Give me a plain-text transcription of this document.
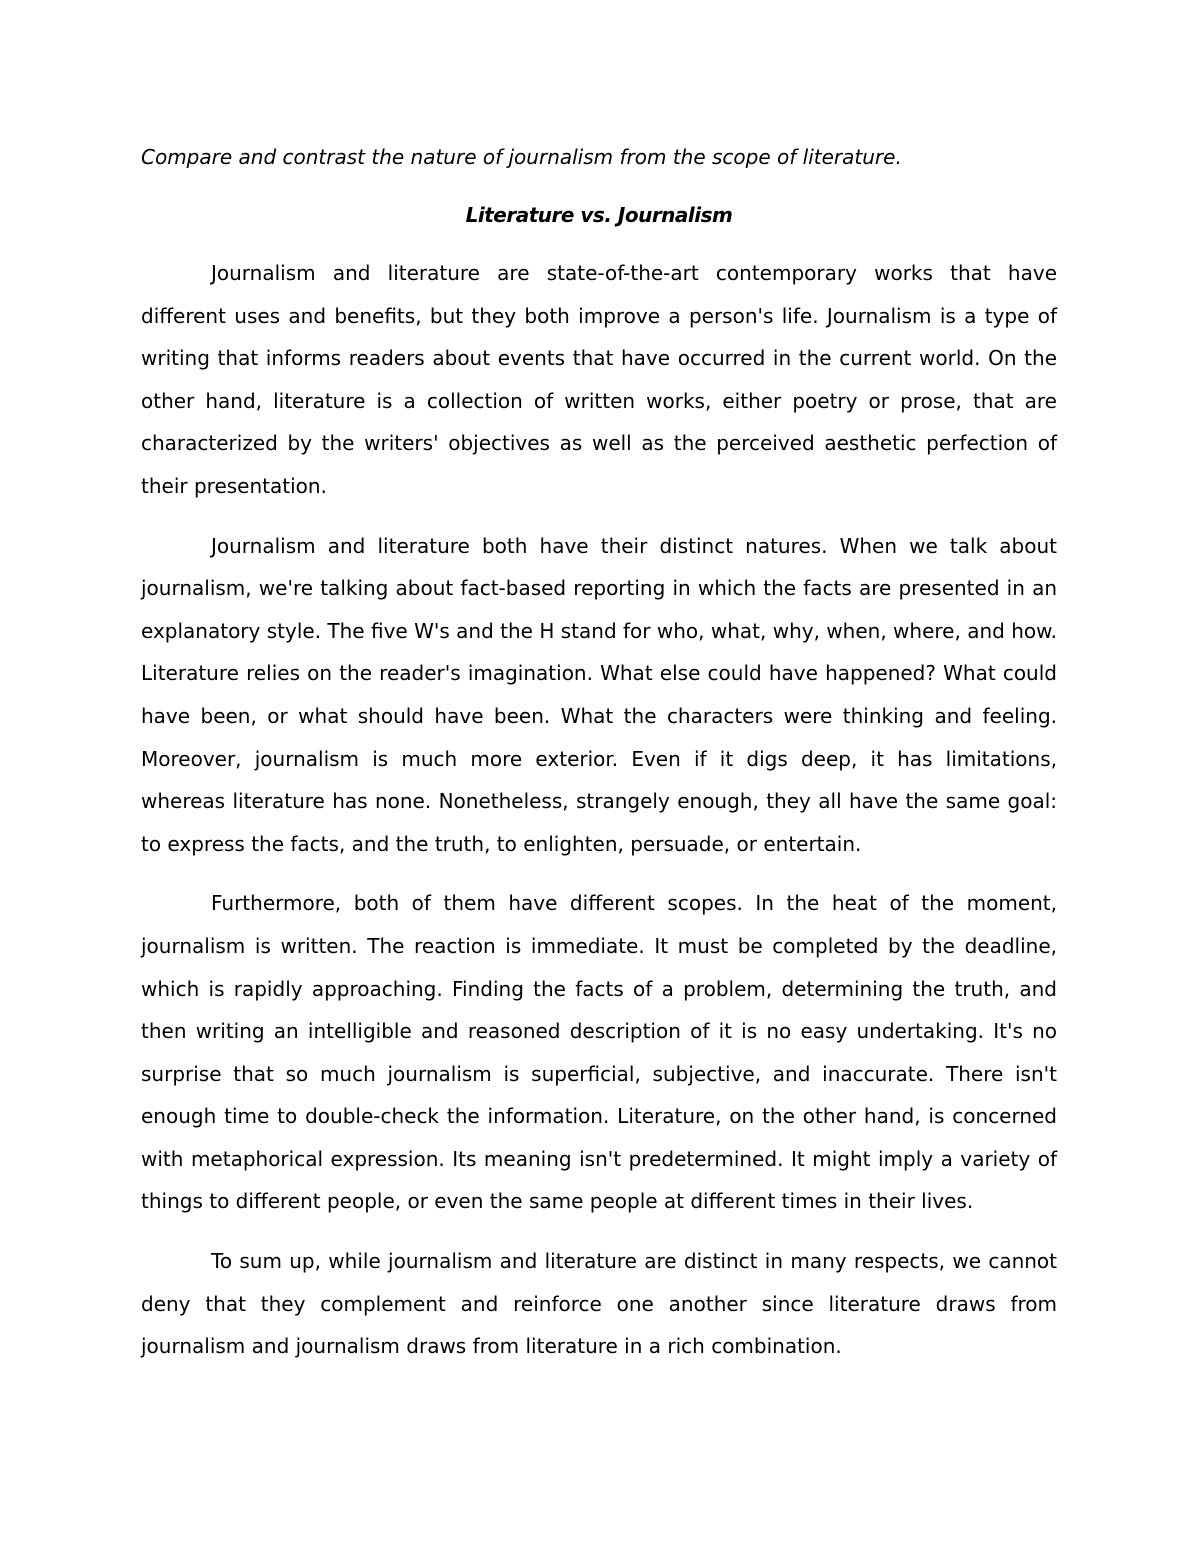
Compare and contrast the nature of journalism from the scope of literature.

Literature vs. Journalism

Journalism and literature are state-of-the-art contemporary works that have different uses and benefits, but they both improve a person's life. Journalism is a type of writing that informs readers about events that have occurred in the current world. On the other hand, literature is a collection of written works, either poetry or prose, that are characterized by the writers' objectives as well as the perceived aesthetic perfection of their presentation.

Journalism and literature both have their distinct natures. When we talk about journalism, we're talking about fact-based reporting in which the facts are presented in an explanatory style. The five W's and the H stand for who, what, why, when, where, and how. Literature relies on the reader's imagination. What else could have happened? What could have been, or what should have been. What the characters were thinking and feeling. Moreover, journalism is much more exterior. Even if it digs deep, it has limitations, whereas literature has none. Nonetheless, strangely enough, they all have the same goal: to express the facts, and the truth, to enlighten, persuade, or entertain.

Furthermore, both of them have different scopes. In the heat of the moment, journalism is written. The reaction is immediate. It must be completed by the deadline, which is rapidly approaching. Finding the facts of a problem, determining the truth, and then writing an intelligible and reasoned description of it is no easy undertaking. It's no surprise that so much journalism is superficial, subjective, and inaccurate. There isn't enough time to double-check the information. Literature, on the other hand, is concerned with metaphorical expression. Its meaning isn't predetermined. It might imply a variety of things to different people, or even the same people at different times in their lives.

To sum up, while journalism and literature are distinct in many respects, we cannot deny that they complement and reinforce one another since literature draws from journalism and journalism draws from literature in a rich combination.
